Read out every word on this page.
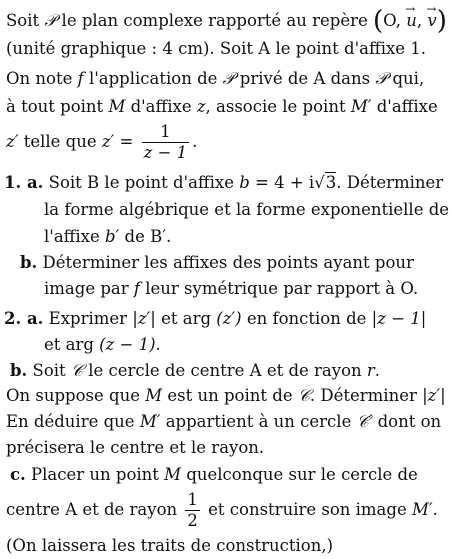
Soit 𝒫 le plan complexe rapporté au repère (O, → u, → v)
(unité graphique : 4 cm). Soit A le point d'affixe 1.
On note f l'application de 𝒫 privé de A dans 𝒫 qui,
à tout point M d'affixe z, associe le point M′ d'affixe
z′ telle que $z' = \frac{1}{z - 1}$ .
1. a. Soit B le point d'affixe b = 4 + i√3. Déterminer
la forme algébrique et la forme exponentielle de
l'affixe b′ de B′.
b. Déterminer les affixes des points ayant pour
image par f leur symétrique par rapport à O.
2. a. Exprimer |z′| et arg (z′) en fonction de |z − 1|
et arg (z − 1).
b. Soit 𝒞 le cercle de centre A et de rayon r.
On suppose que M est un point de 𝒞. Déterminer |z′|
En déduire que M′ appartient à un cercle 𝒞′ dont on
précisera le centre et le rayon.
c. Placer un point M quelconque sur le cercle de
centre A et de rayon $\frac{1}{2}$ et construire son image M′.
(On laissera les traits de construction,)
